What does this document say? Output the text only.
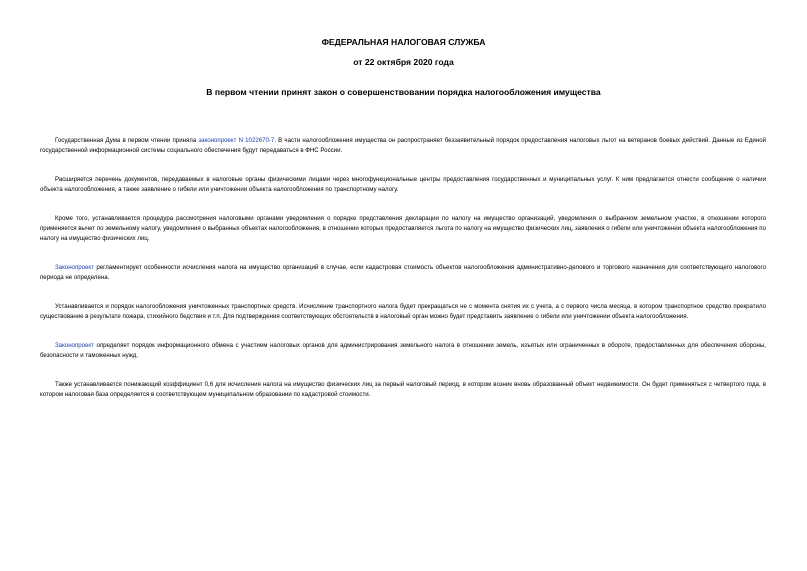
ФЕДЕРАЛЬНАЯ НАЛОГОВАЯ СЛУЖБА
от 22 октября 2020 года
В первом чтении принят закон о совершенствовании порядка налогообложения имущества

Государственная Дума в первом чтении приняла законопроект N 1022670-7. В части налогообложения имущества он распространяет беззаявительный порядок предоставления налоговых льгот на ветеранов боевых действий. Данные из Единой государственной информационной системы социального обеспечения будут передаваться в ФНС России.

Расширяется перечень документов, передаваемых в налоговые органы физическими лицами через многофункциональные центры предоставления государственных и муниципальных услуг. К ним предлагается отнести сообщение о наличии объекта налогообложения, а также заявление о гибели или уничтожении объекта налогообложения по транспортному налогу.

Кроме того, устанавливается процедура рассмотрения налоговыми органами уведомления о порядке представления декларации по налогу на имущество организаций, уведомления о выбранном земельном участке, в отношении которого применяется вычет по земельному налогу, уведомления о выбранных объектах налогообложения, в отношении которых предоставляется льгота по налогу на имущество физических лиц, заявления о гибели или уничтожении объекта налогообложения по налогу на имущество физических лиц.

Законопроект регламентирует особенности исчисления налога на имущество организаций в случае, если кадастровая стоимость объектов налогообложения административно-делового и торгового назначения для соответствующего налогового периода не определена.

Устанавливается и порядок налогообложения уничтоженных транспортных средств. Исчисление транспортного налога будет прекращаться не с момента снятия их с учета, а с первого числа месяца, в котором транспортное средство прекратило существование в результате пожара, стихийного бедствия и т.п. Для подтверждения соответствующих обстоятельств в налоговый орган можно будет представить заявление о гибели или уничтожении объекта налогообложения.

Законопроект определяет порядок информационного обмена с участием налоговых органов для администрирования земельного налога в отношении земель, изъятых или ограниченных в обороте, предоставленных для обеспечения обороны, безопасности и таможенных нужд.

Также устанавливается понижающий коэффициент 0,6 для исчисления налога на имущество физических лиц за первый налоговый период, в котором возник вновь образованный объект недвижимости. Он будет применяться с четвертого года, в котором налоговая база определяется в соответствующем муниципальном образовании по кадастровой стоимости.
